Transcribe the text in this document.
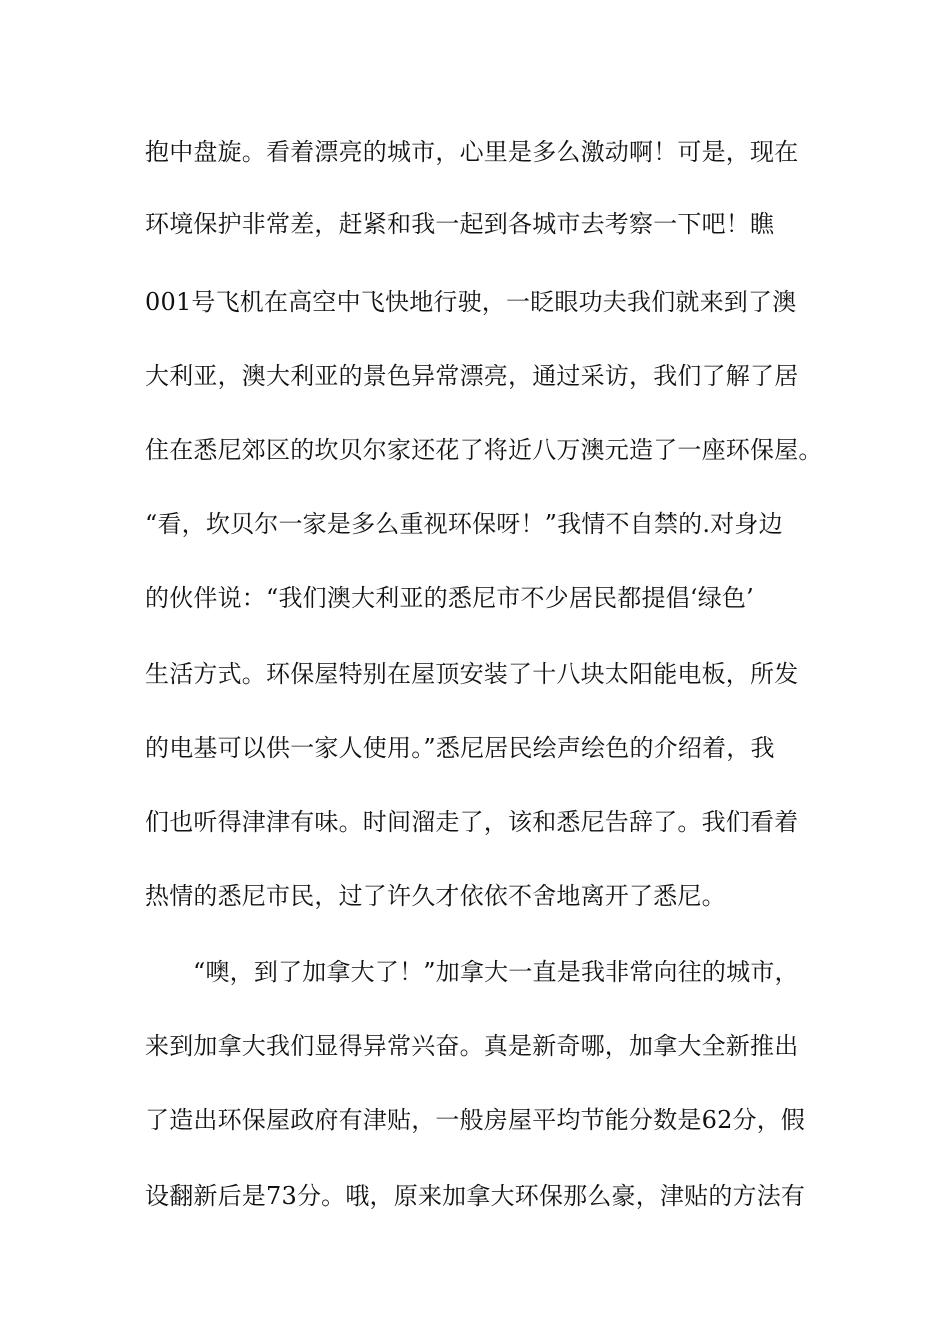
抱中盘旋。看着漂亮的城市，心里是多么激动啊！可是，现在
环境保护非常差，赶紧和我一起到各城市去考察一下吧！瞧
001号飞机在高空中飞快地行驶，一眨眼功夫我们就来到了澳
大利亚，澳大利亚的景色异常漂亮，通过采访，我们了解了居
住在悉尼郊区的坎贝尔家还花了将近八万澳元造了一座环保屋。
“看，坎贝尔一家是多么重视环保呀！”我情不自禁的.对身边
的伙伴说：“我们澳大利亚的悉尼市不少居民都提倡‘绿色’
生活方式。环保屋特别在屋顶安装了十八块太阳能电板，所发
的电基可以供一家人使用。”悉尼居民绘声绘色的介绍着，我
们也听得津津有味。时间溜走了，该和悉尼告辞了。我们看着
热情的悉尼市民，过了许久才依依不舍地离开了悉尼。
“噢，到了加拿大了！”加拿大一直是我非常向往的城市，
来到加拿大我们显得异常兴奋。真是新奇哪，加拿大全新推出
了造出环保屋政府有津贴，一般房屋平均节能分数是62分，假
设翻新后是73分。哦，原来加拿大环保那么豪，津贴的方法有
